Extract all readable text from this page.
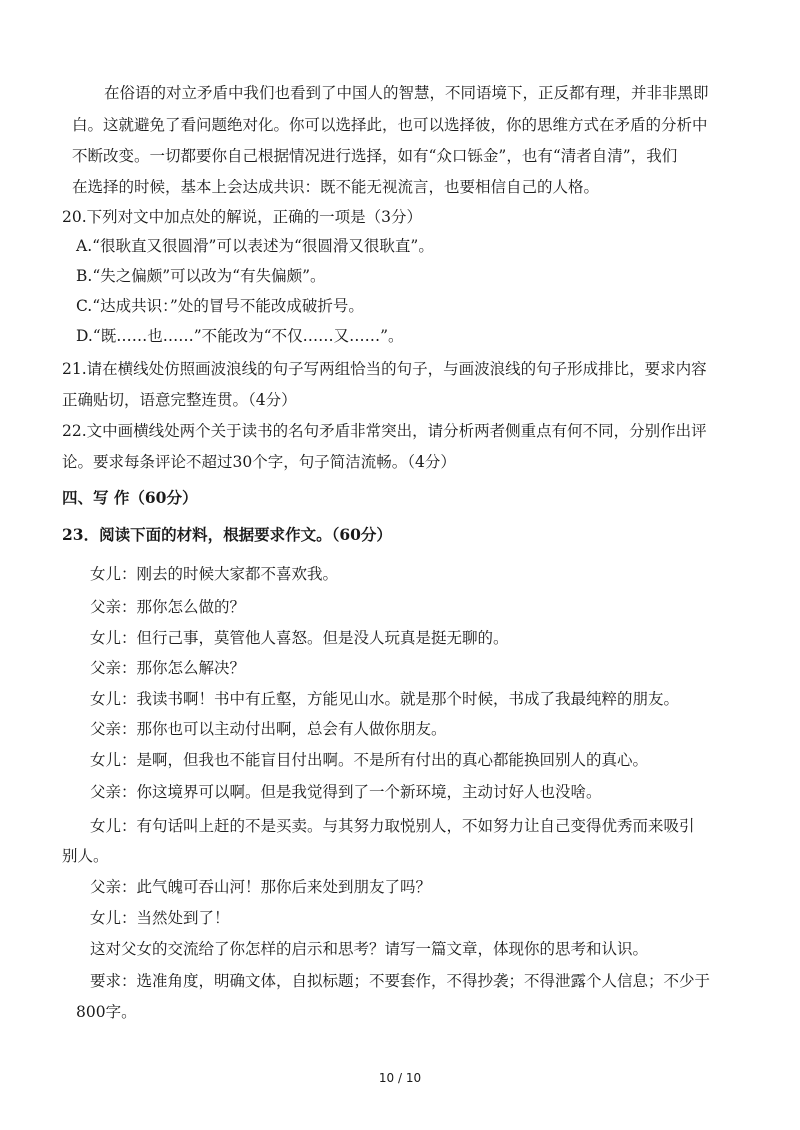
在俗语的对立矛盾中我们也看到了中国人的智慧，不同语境下，正反都有理，并非非黑即
白。这就避免了看问题绝对化。你可以选择此，也可以选择彼，你的思维方式在矛盾的分析中
不断改变。一切都要你自己根据情况进行选择，如有“众口铄金”，也有“清者自清”，我们
在选择的时候，基本上会达成共识：既不能无视流言，也要相信自己的人格。
20.下列对文中加点处的解说，正确的一项是（3分）
A.“很耿直又很圆滑”可以表述为“很圆滑又很耿直”。
B.“失之偏颇”可以改为“有失偏颇”。
C.“达成共识：”处的冒号不能改成破折号。
D.“既……也……”不能改为“不仅……又……”。
21.请在横线处仿照画波浪线的句子写两组恰当的句子，与画波浪线的句子形成排比，要求内容
正确贴切，语意完整连贯。（4分）
22.文中画横线处两个关于读书的名句矛盾非常突出，请分析两者侧重点有何不同，分别作出评
论。要求每条评论不超过30个字，句子简洁流畅。（4分）
四、写 作（60分）
23．阅读下面的材料，根据要求作文。（60分）
女儿：刚去的时候大家都不喜欢我。
父亲：那你怎么做的？
女儿：但行己事，莫管他人喜怒。但是没人玩真是挺无聊的。
父亲：那你怎么解决？
女儿：我读书啊！书中有丘壑，方能见山水。就是那个时候，书成了我最纯粹的朋友。
父亲：那你也可以主动付出啊，总会有人做你朋友。
女儿：是啊，但我也不能盲目付出啊。不是所有付出的真心都能换回别人的真心。
父亲：你这境界可以啊。但是我觉得到了一个新环境，主动讨好人也没啥。
女儿：有句话叫上赶的不是买卖。与其努力取悦别人，不如努力让自己变得优秀而来吸引
别人。
父亲：此气魄可吞山河！那你后来处到朋友了吗？
女儿：当然处到了！
这对父女的交流给了你怎样的启示和思考？请写一篇文章，体现你的思考和认识。
要求：选准角度，明确文体，自拟标题；不要套作，不得抄袭；不得泄露个人信息；不少于
800字。
10 / 10
